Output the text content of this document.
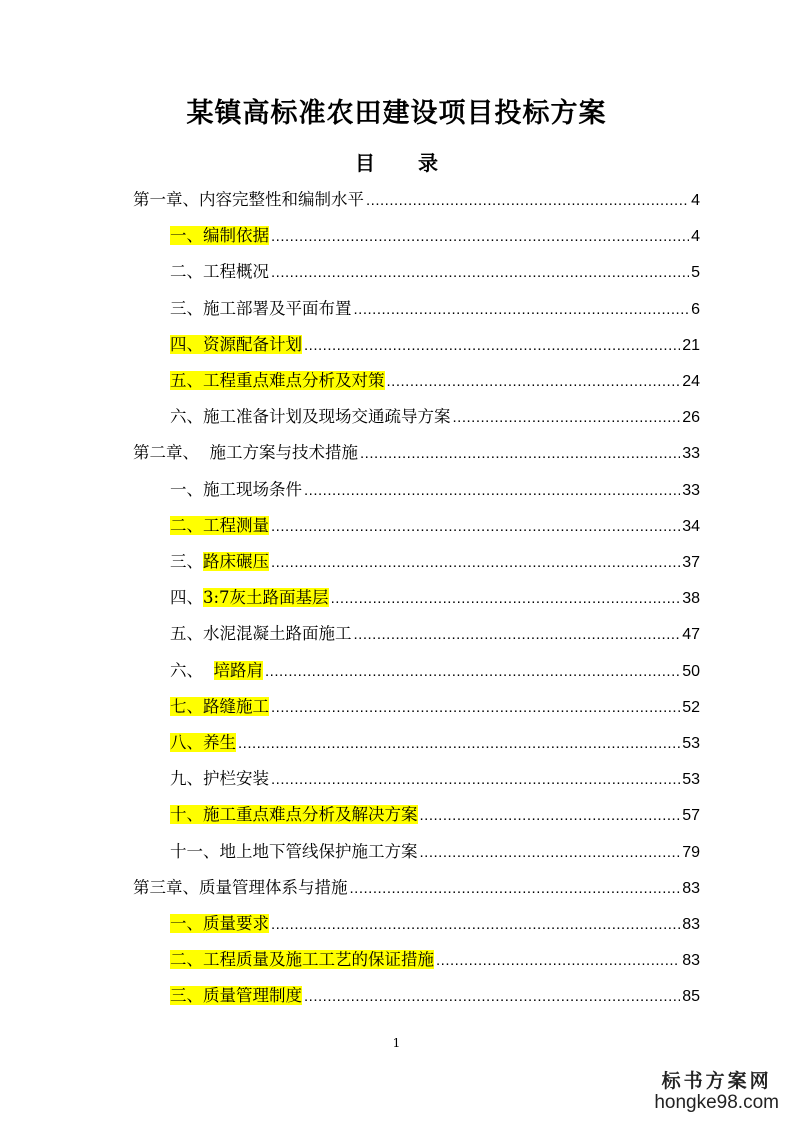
某镇高标准农田建设项目投标方案
目 录
第一章、内容完整性和编制水平 .....	4
一、编制依据 .....	4
二、工程概况 .....	5
三、施工部署及平面布置 .....	6
四、资源配备计划 .....	21
五、工程重点难点分析及对策 .....	24
六、施工准备计划及现场交通疏导方案 .....	26
第二章、  施工方案与技术措施 .....	33
一、施工现场条件 .....	33
二、工程测量 .....	34
三、路床碾压 .....	37
四、3:7灰土路面基层 .....	38
五、水泥混凝土路面施工 .....	47
六、  培路肩 .....	50
七、路缝施工 .....	52
八、养生 .....	53
九、护栏安装 .....	53
十、施工重点难点分析及解决方案 .....	57
十一、地上地下管线保护施工方案 .....	79
第三章、质量管理体系与措施 .....	83
一、质量要求 .....	83
二、工程质量及施工工艺的保证措施 .....	83
三、质量管理制度 .....	85
1
标书方案网
hongke98.com
